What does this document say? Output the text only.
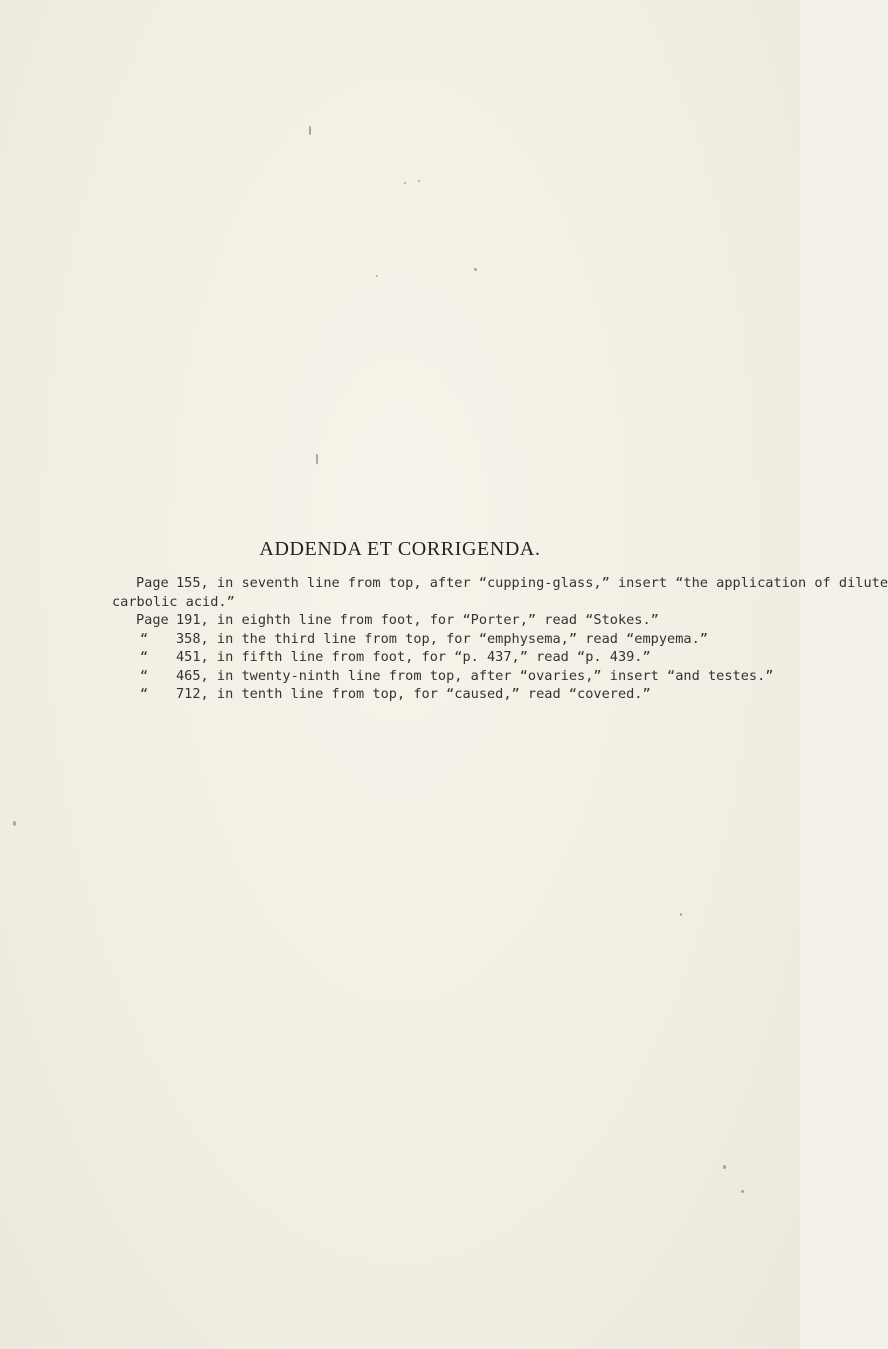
ADDENDA ET CORRIGENDA.
Page 155, in seventh line from top, after “cupping-glass,” insert “the application of dilute
carbolic acid.”
Page 191, in eighth line from foot, for “Porter,” read “Stokes.”
“ 358, in the third line from top, for “emphysema,” read “empyema.”
“ 451, in fifth line from foot, for “p. 437,” read “p. 439.”
“ 465, in twenty-ninth line from top, after “ovaries,” insert “and testes.”
“ 712, in tenth line from top, for “caused,” read “covered.”
